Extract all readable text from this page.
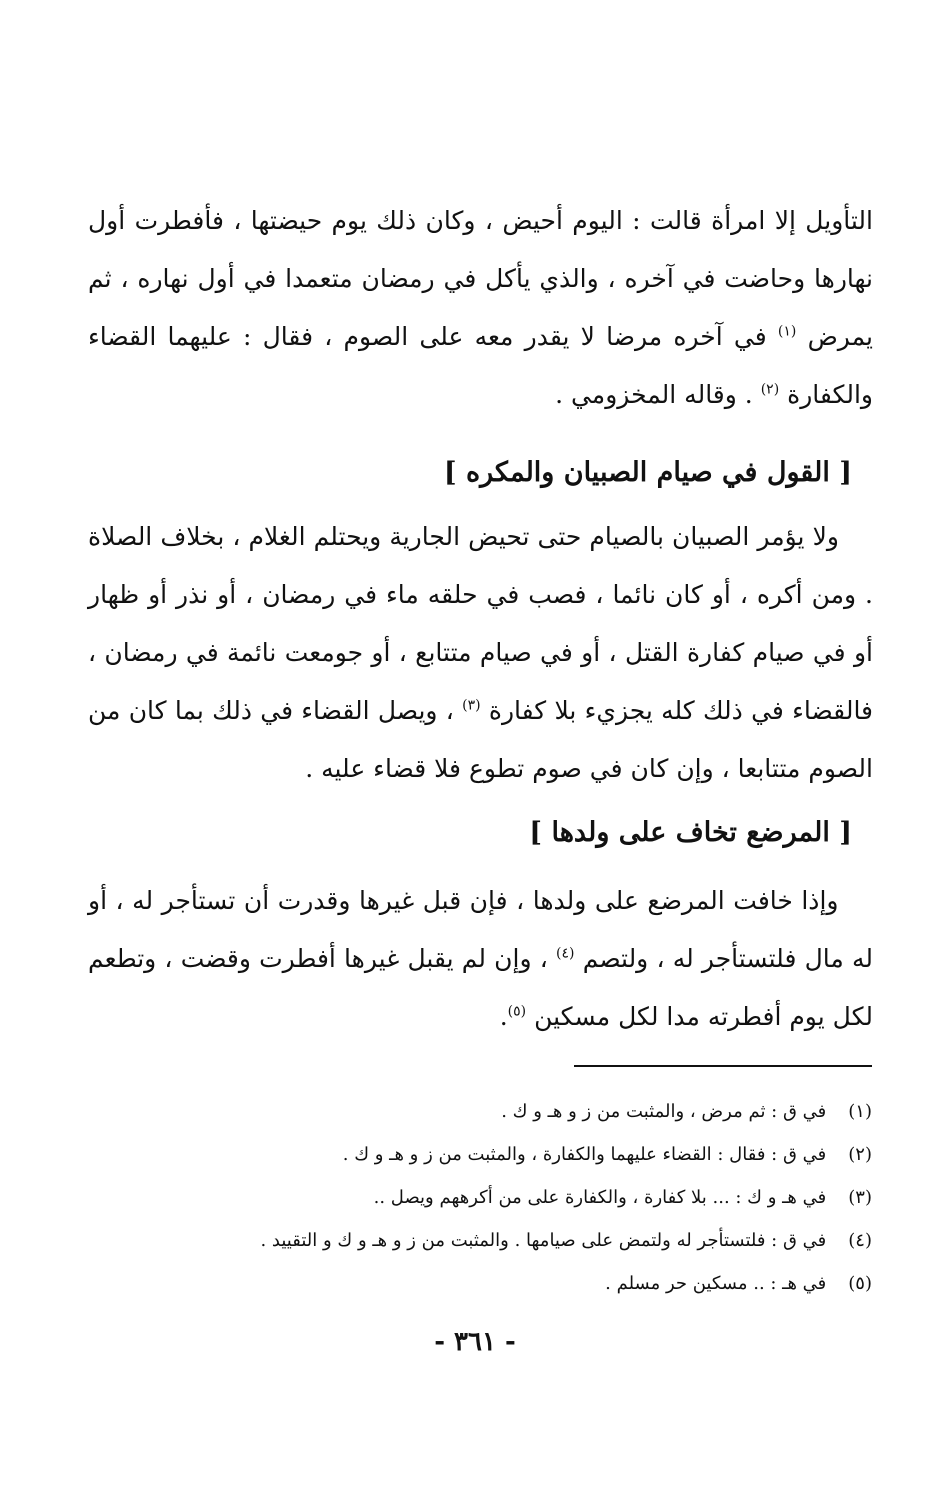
التأويل إلا امرأة قالت : اليوم أحيض ، وكان ذلك يوم حيضتها ، فأفطرت أول نهارها وحاضت في آخره ، والذي يأكل في رمضان متعمدا في أول نهاره ، ثم يمرض $^{(١)}$ في آخره مرضا لا يقدر معه على الصوم ، فقال : عليهما القضاء والكفارة $^{(٢)}$ . وقاله المخزومي .
[ القول في صيام الصبيان والمكره ]
ولا يؤمر الصبيان بالصيام حتى تحيض الجارية ويحتلم الغلام ، بخلاف الصلاة . ومن أكره ، أو كان نائما ، فصب في حلقه ماء في رمضان ، أو نذر أو ظهار أو في صيام كفارة القتل ، أو في صيام متتابع ، أو جومعت نائمة في رمضان ، فالقضاء في ذلك كله يجزيء بلا كفارة $^{(٣)}$ ، ويصل القضاء في ذلك بما كان من الصوم متتابعا ، وإن كان في صوم تطوع فلا قضاء عليه .
[ المرضع تخاف على ولدها ]
وإذا خافت المرضع على ولدها ، فإن قبل غيرها وقدرت أن تستأجر له ، أو له مال فلتستأجر له ، ولتصم $^{(٤)}$ ، وإن لم يقبل غيرها أفطرت وقضت ، وتطعم لكل يوم أفطرته مدا لكل مسكين $^{(٥)}$.
(١) في ق : ثم مرض ، والمثبت من ز و هـ و ك .
(٢) في ق : فقال : القضاء عليهما والكفارة ، والمثبت من ز و هـ و ك .
(٣) في هـ و ك : ... بلا كفارة ، والكفارة على من أكرههم ويصل ..
(٤) في ق : فلتستأجر له ولتمض على صيامها . والمثبت من ز و هـ و ك و التقييد .
(٥) في هـ : .. مسكين حر مسلم .
- ٣٦١ -
